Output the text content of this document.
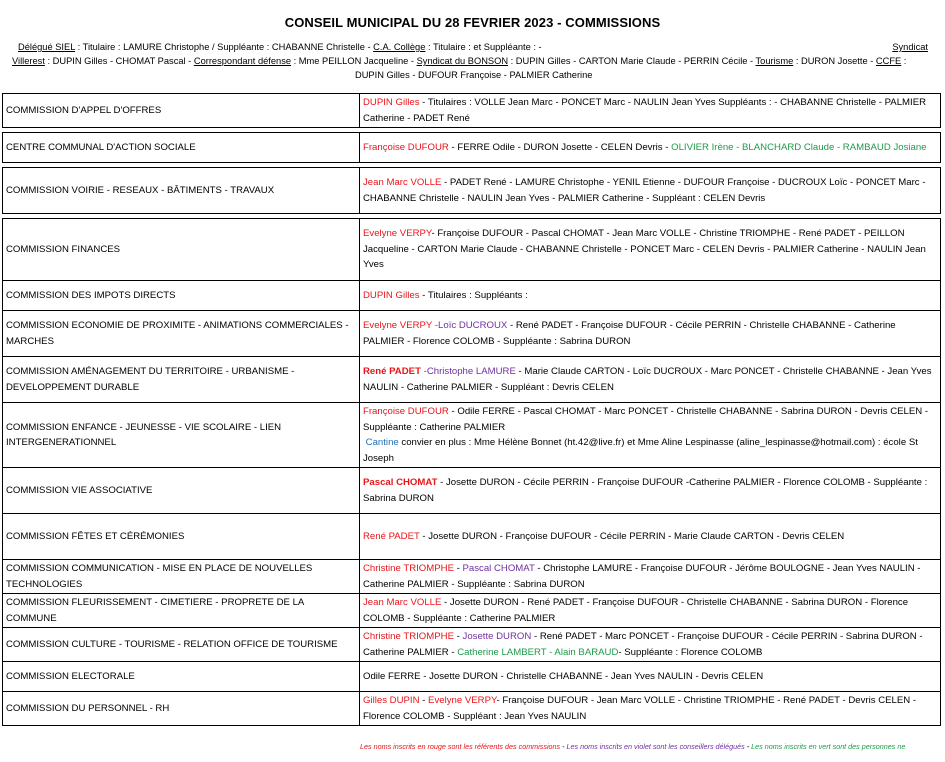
CONSEIL MUNICIPAL DU 28 FEVRIER 2023 - COMMISSIONS
Délégué SIEL : Titulaire : LAMURE Christophe / Suppléante : CHABANNE Christelle - C.A. Collège : Titulaire : et Suppléante : -	Syndicat
Villerest : DUPIN Gilles - CHOMAT Pascal - Correspondant défense : Mme PEILLON Jacqueline - Syndicat du BONSON : DUPIN Gilles - CARTON Marie Claude - PERRIN Cécile - Tourisme : DURON Josette - CCFE :
DUPIN Gilles - DUFOUR Françoise - PALMIER Catherine
COMMISSION D'APPEL D'OFFRES	DUPIN Gilles - Titulaires : VOLLE Jean Marc - PONCET Marc - NAULIN Jean Yves Suppléants : - CHABANNE Christelle - PALMIER Catherine - PADET René

CENTRE COMMUNAL D'ACTION SOCIALE	Françoise DUFOUR - FERRE Odile - DURON Josette - CELEN Devris - OLIVIER Irène - BLANCHARD Claude - RAMBAUD Josiane

COMMISSION VOIRIE - RESEAUX - BÂTIMENTS - TRAVAUX	Jean Marc VOLLE - PADET René - LAMURE Christophe - YENIL Etienne - DUFOUR Françoise - DUCROUX Loïc - PONCET Marc - CHABANNE Christelle - NAULIN Jean Yves - PALMIER Catherine - Suppléant : CELEN Devris

COMMISSION FINANCES	Evelyne VERPY- Françoise DUFOUR - Pascal CHOMAT - Jean Marc VOLLE - Christine TRIOMPHE - René PADET - PEILLON Jacqueline - CARTON Marie Claude - CHABANNE Christelle - PONCET Marc - CELEN Devris - PALMIER Catherine - NAULIN Jean Yves
COMMISSION DES IMPOTS DIRECTS	DUPIN Gilles - Titulaires : Suppléants :
COMMISSION ECONOMIE DE PROXIMITE - ANIMATIONS COMMERCIALES - MARCHES	Evelyne VERPY -Loïc DUCROUX - René PADET - Françoise DUFOUR - Cécile PERRIN - Christelle CHABANNE - Catherine PALMIER - Florence COLOMB - Suppléante : Sabrina DURON
COMMISSION AMÉNAGEMENT DU TERRITOIRE - URBANISME - DEVELOPPEMENT DURABLE	René PADET -Christophe LAMURE - Marie Claude CARTON - Loïc DUCROUX - Marc PONCET - Christelle CHABANNE - Jean Yves NAULIN - Catherine PALMIER - Suppléant : Devris CELEN
COMMISSION ENFANCE - JEUNESSE - VIE SCOLAIRE - LIEN INTERGENERATIONNEL	Françoise DUFOUR - Odile FERRE - Pascal CHOMAT - Marc PONCET - Christelle CHABANNE - Sabrina DURON - Devris CELEN - Suppléante : Catherine PALMIER
Cantine convier en plus : Mme Hélène Bonnet (ht.42@live.fr) et Mme Aline Lespinasse (aline_lespinasse@hotmail.com) : école St Joseph
COMMISSION VIE ASSOCIATIVE	Pascal CHOMAT - Josette DURON - Cécile PERRIN - Françoise DUFOUR -Catherine PALMIER - Florence COLOMB - Suppléante : Sabrina DURON
COMMISSION FÊTES ET CÉRÉMONIES	René PADET - Josette DURON - Françoise DUFOUR - Cécile PERRIN - Marie Claude CARTON - Devris CELEN
COMMISSION COMMUNICATION - MISE EN PLACE DE NOUVELLES TECHNOLOGIES	Christine TRIOMPHE - Pascal CHOMAT - Christophe LAMURE - Françoise DUFOUR - Jérôme BOULOGNE - Jean Yves NAULIN - Catherine PALMIER - Suppléante : Sabrina DURON
COMMISSION FLEURISSEMENT - CIMETIERE - PROPRETE DE LA COMMUNE	Jean Marc VOLLE - Josette DURON - René PADET - Françoise DUFOUR - Christelle CHABANNE - Sabrina DURON - Florence COLOMB - Suppléante : Catherine PALMIER
COMMISSION CULTURE - TOURISME - RELATION OFFICE DE TOURISME	Christine TRIOMPHE - Josette DURON - René PADET - Marc PONCET - Françoise DUFOUR - Cécile PERRIN - Sabrina DURON - Catherine PALMIER - Catherine LAMBERT - Alain BARAUD- Suppléante : Florence COLOMB
COMMISSION ELECTORALE	Odile FERRE - Josette DURON - Christelle CHABANNE - Jean Yves NAULIN - Devris CELEN
COMMISSION DU PERSONNEL - RH	Gilles DUPIN - Evelyne VERPY- Françoise DUFOUR - Jean Marc VOLLE - Christine TRIOMPHE - René PADET - Devris CELEN - Florence COLOMB - Suppléant : Jean Yves NAULIN
Les noms inscrits en rouge sont les référents des commissions - Les noms inscrits en violet sont les conseillers délégués - Les noms inscrits en vert sont des personnes ne
